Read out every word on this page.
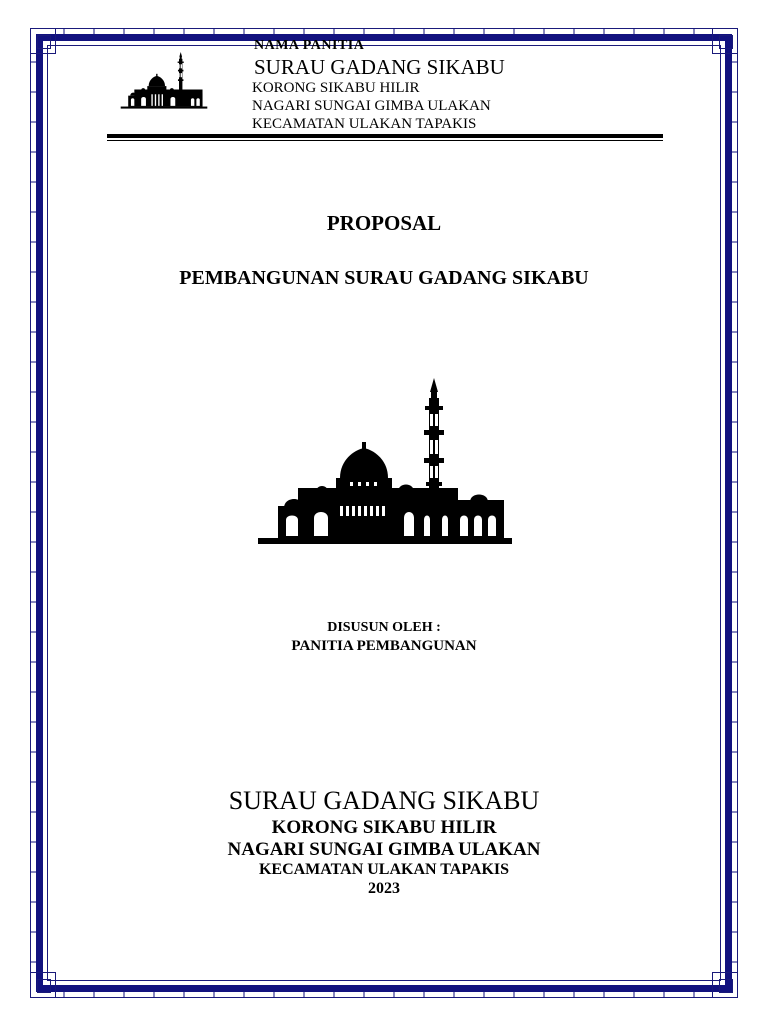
NAMA PANITIA
SURAU GADANG SIKABU
KORONG SIKABU HILIR
NAGARI SUNGAI GIMBA ULAKAN
KECAMATAN ULAKAN TAPAKIS
PROPOSAL
PEMBANGUNAN SURAU GADANG SIKABU
DISUSUN OLEH :
PANITIA PEMBANGUNAN
SURAU GADANG SIKABU
KORONG SIKABU HILIR
NAGARI SUNGAI GIMBA ULAKAN
KECAMATAN ULAKAN TAPAKIS
2023
